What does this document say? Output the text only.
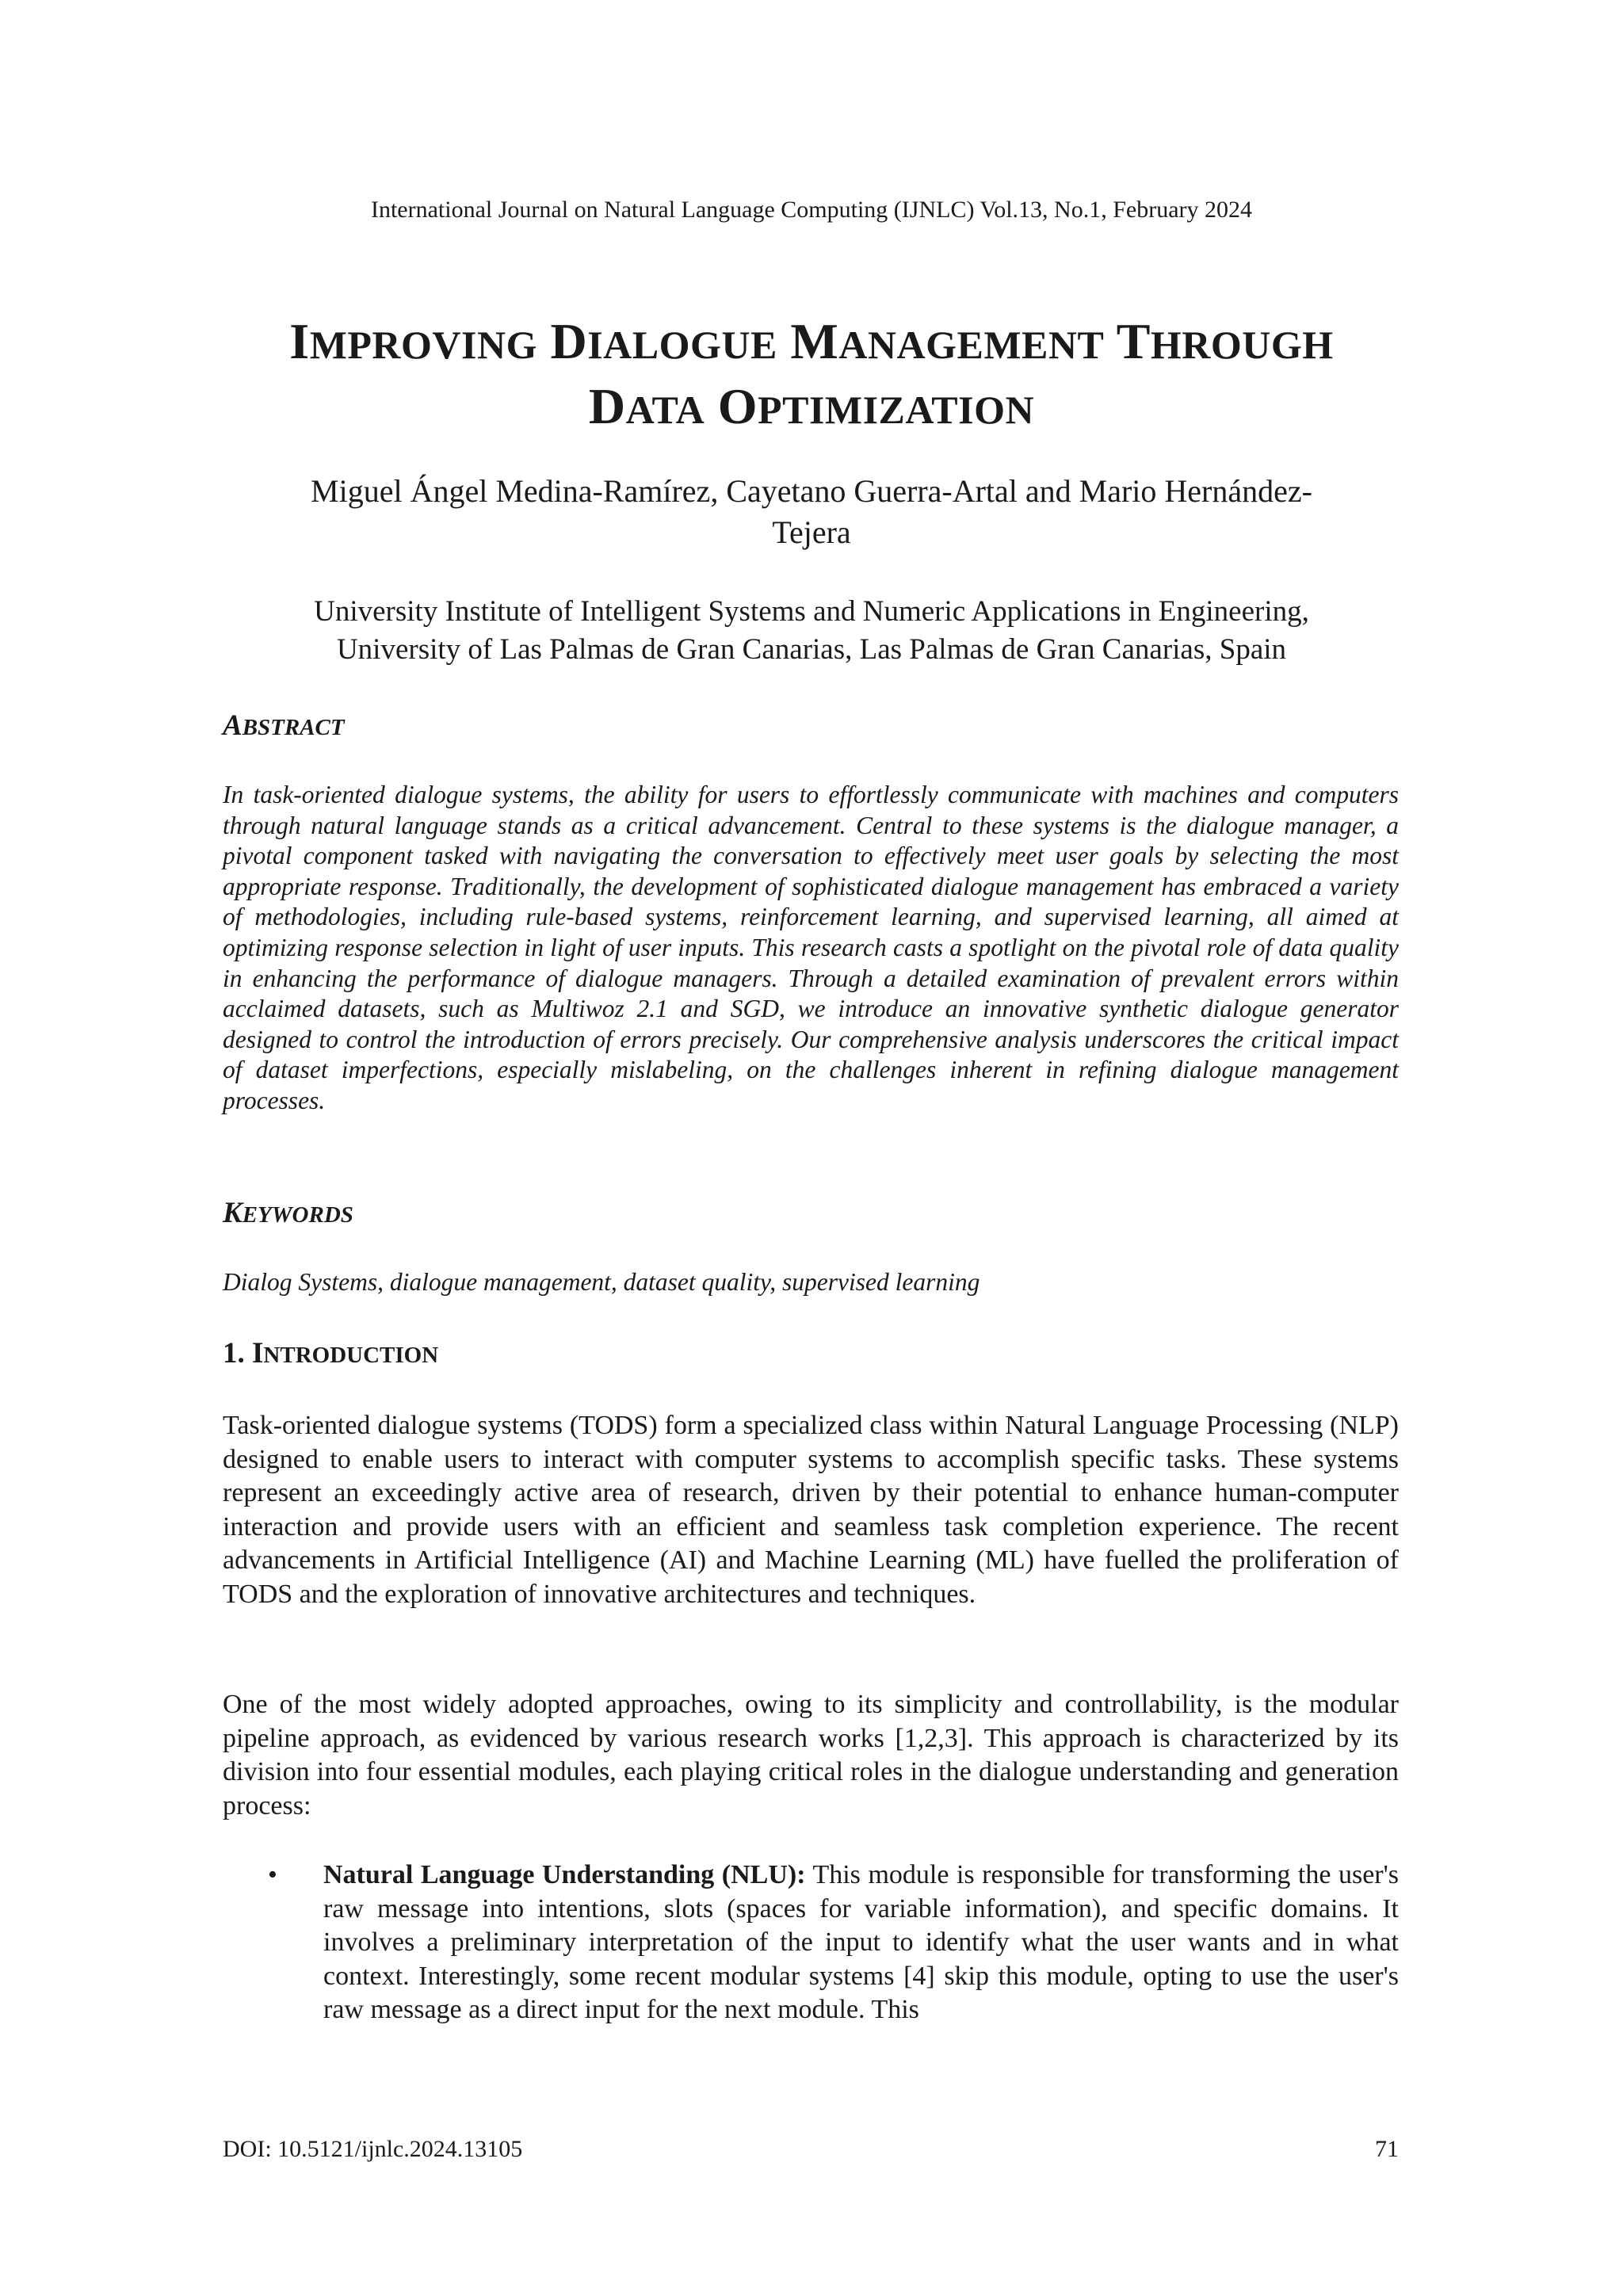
International Journal on Natural Language Computing (IJNLC) Vol.13, No.1, February 2024
IMPROVING DIALOGUE MANAGEMENT THROUGH
DATA OPTIMIZATION
Miguel Ángel Medina-Ramírez, Cayetano Guerra-Artal and Mario Hernández-
Tejera
University Institute of Intelligent Systems and Numeric Applications in Engineering,
University of Las Palmas de Gran Canarias, Las Palmas de Gran Canarias, Spain
ABSTRACT
In task-oriented dialogue systems, the ability for users to effortlessly communicate with machines and computers through natural language stands as a critical advancement. Central to these systems is the dialogue manager, a pivotal component tasked with navigating the conversation to effectively meet user goals by selecting the most appropriate response. Traditionally, the development of sophisticated dialogue management has embraced a variety of methodologies, including rule-based systems, reinforcement learning, and supervised learning, all aimed at optimizing response selection in light of user inputs. This research casts a spotlight on the pivotal role of data quality in enhancing the performance of dialogue managers. Through a detailed examination of prevalent errors within acclaimed datasets, such as Multiwoz 2.1 and SGD, we introduce an innovative synthetic dialogue generator designed to control the introduction of errors precisely. Our comprehensive analysis underscores the critical impact of dataset imperfections, especially mislabeling, on the challenges inherent in refining dialogue management processes.
KEYWORDS
Dialog Systems, dialogue management, dataset quality, supervised learning
1. INTRODUCTION
Task-oriented dialogue systems (TODS) form a specialized class within Natural Language Processing (NLP) designed to enable users to interact with computer systems to accomplish specific tasks. These systems represent an exceedingly active area of research, driven by their potential to enhance human-computer interaction and provide users with an efficient and seamless task completion experience. The recent advancements in Artificial Intelligence (AI) and Machine Learning (ML) have fuelled the proliferation of TODS and the exploration of innovative architectures and techniques.
One of the most widely adopted approaches, owing to its simplicity and controllability, is the modular pipeline approach, as evidenced by various research works [1,2,3]. This approach is characterized by its division into four essential modules, each playing critical roles in the dialogue understanding and generation process:
•	Natural Language Understanding (NLU): This module is responsible for transforming the user's raw message into intentions, slots (spaces for variable information), and specific domains. It involves a preliminary interpretation of the input to identify what the user wants and in what context. Interestingly, some recent modular systems [4] skip this module, opting to use the user's raw message as a direct input for the next module. This
DOI: 10.5121/ijnlc.2024.13105	71
